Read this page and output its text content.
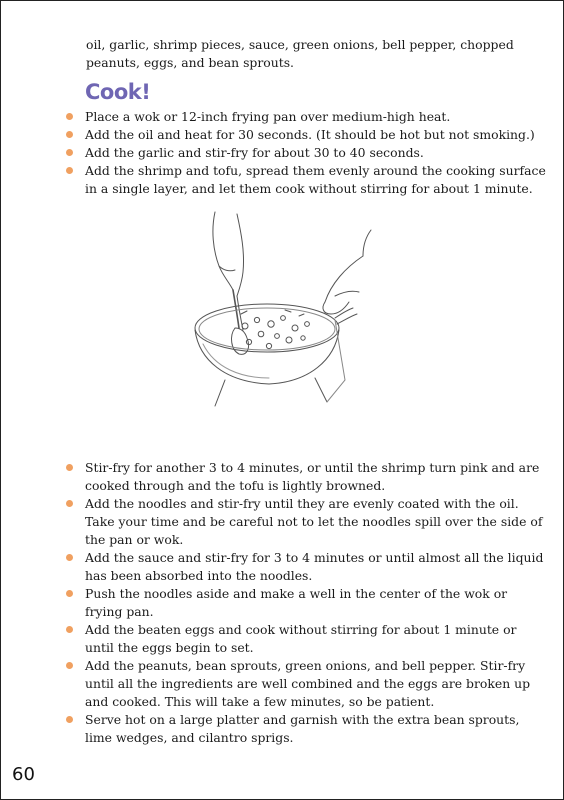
oil, garlic, shrimp pieces, sauce, green onions, bell pepper, chopped peanuts, eggs, and bean sprouts.

Cook!
Place a wok or 12-inch frying pan over medium-high heat.
Add the oil and heat for 30 seconds. (It should be hot but not smoking.)
Add the garlic and stir-fry for about 30 to 40 seconds.
Add the shrimp and tofu, spread them evenly around the cooking surface in a single layer, and let them cook without stirring for about 1 minute.
Stir-fry for another 3 to 4 minutes, or until the shrimp turn pink and are cooked through and the tofu is lightly browned.
Add the noodles and stir-fry until they are evenly coated with the oil. Take your time and be careful not to let the noodles spill over the side of the pan or wok.
Add the sauce and stir-fry for 3 to 4 minutes or until almost all the liquid has been absorbed into the noodles.
Push the noodles aside and make a well in the center of the wok or frying pan.
Add the beaten eggs and cook without stirring for about 1 minute or until the eggs begin to set.
Add the peanuts, bean sprouts, green onions, and bell pepper. Stir-fry until all the ingredients are well combined and the eggs are broken up and cooked. This will take a few minutes, so be patient.
Serve hot on a large platter and garnish with the extra bean sprouts, lime wedges, and cilantro sprigs.

60
